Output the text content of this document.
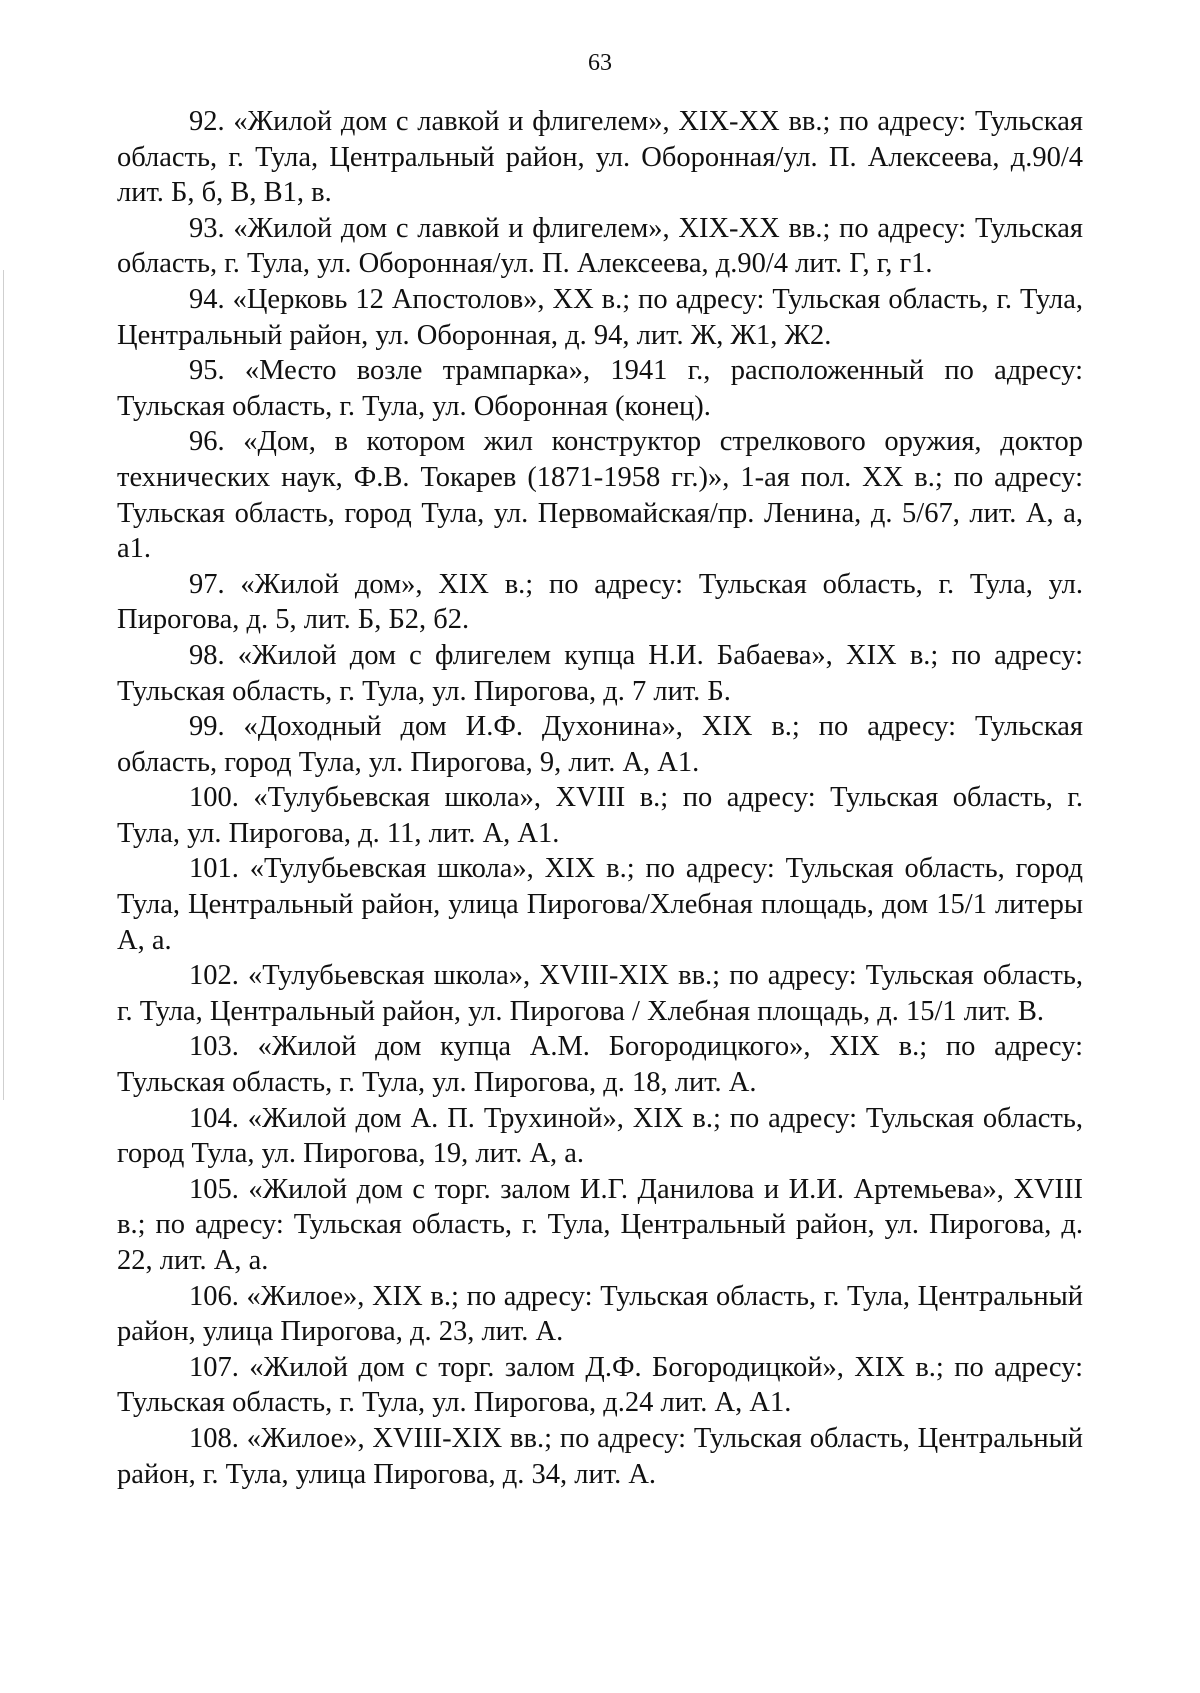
63

92. «Жилой дом с лавкой и флигелем», XIX-XX вв.; по адресу: Тульская область, г. Тула, Центральный район, ул. Оборонная/ул. П. Алексеева, д.90/4 лит. Б, б, В, В1, в.

93. «Жилой дом с лавкой и флигелем», XIX-XX вв.; по адресу: Тульская область, г. Тула, ул. Оборонная/ул. П. Алексеева, д.90/4 лит. Г, г, г1.

94. «Церковь 12 Апостолов», XX в.; по адресу: Тульская область, г. Тула, Центральный район, ул. Оборонная, д. 94, лит. Ж, Ж1, Ж2.

95. «Место возле трампарка», 1941 г., расположенный по адресу: Тульская область, г. Тула, ул. Оборонная (конец).

96. «Дом, в котором жил конструктор стрелкового оружия, доктор технических наук, Ф.В. Токарев (1871-1958 гг.)», 1-ая пол. XX в.; по адресу: Тульская область, город Тула, ул. Первомайская/пр. Ленина, д. 5/67, лит. А, а, а1.

97. «Жилой дом», XIX в.; по адресу: Тульская область, г. Тула, ул. Пирогова, д. 5, лит. Б, Б2, б2.

98. «Жилой дом с флигелем купца Н.И. Бабаева», XIX в.; по адресу: Тульская область, г. Тула, ул. Пирогова, д. 7 лит. Б.

99. «Доходный дом И.Ф. Духонина», XIX в.; по адресу: Тульская область, город Тула, ул. Пирогова, 9, лит. А, А1.

100. «Тулубьевская школа», XVIII в.; по адресу: Тульская область, г. Тула, ул. Пирогова, д. 11, лит. А, А1.

101. «Тулубьевская школа», XIX в.; по адресу: Тульская область, город Тула, Центральный район, улица Пирогова/Хлебная площадь, дом 15/1 литеры А, а.

102. «Тулубьевская школа», XVIII-XIX вв.; по адресу: Тульская область, г. Тула, Центральный район, ул. Пирогова / Хлебная площадь, д. 15/1 лит. В.

103. «Жилой дом купца А.М. Богородицкого», XIX в.; по адресу: Тульская область, г. Тула, ул. Пирогова, д. 18, лит. А.

104. «Жилой дом А. П. Трухиной», XIX в.; по адресу: Тульская область, город Тула, ул. Пирогова, 19, лит. А, а.

105. «Жилой дом с торг. залом И.Г. Данилова и И.И. Артемьева», XVIII в.; по адресу: Тульская область, г. Тула, Центральный район, ул. Пирогова, д. 22, лит. А, а.

106. «Жилое», XIX в.; по адресу: Тульская область, г. Тула, Центральный район, улица Пирогова, д. 23, лит. А.

107. «Жилой дом с торг. залом Д.Ф. Богородицкой», XIX в.; по адресу: Тульская область, г. Тула, ул. Пирогова, д.24 лит. А, А1.

108. «Жилое», XVIII-XIX вв.; по адресу: Тульская область, Центральный район, г. Тула, улица Пирогова, д. 34, лит. А.
